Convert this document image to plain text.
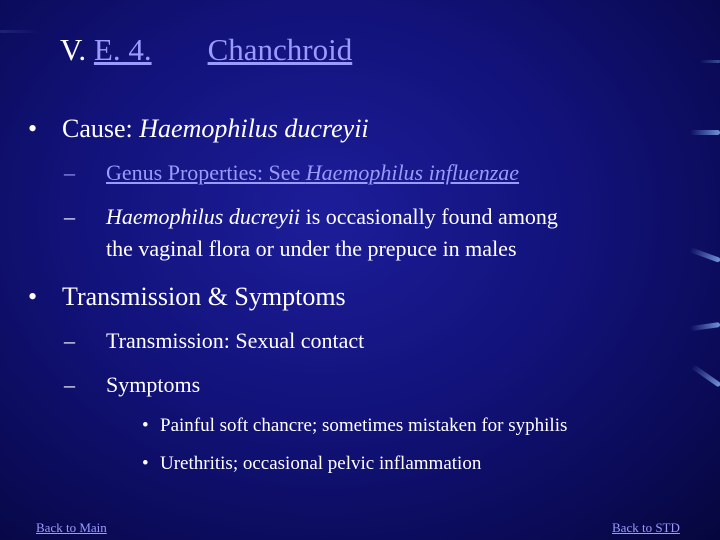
V. E. 4. Chanchroid
• Cause: Haemophilus ducreyii
– Genus Properties: See Haemophilus influenzae
– Haemophilus ducreyii is occasionally found among
the vaginal flora or under the prepuce in males
• Transmission & Symptoms
– Transmission: Sexual contact
– Symptoms
• Painful soft chancre; sometimes mistaken for syphilis
• Urethritis; occasional pelvic inflammation
Back to Main	Back to STD
